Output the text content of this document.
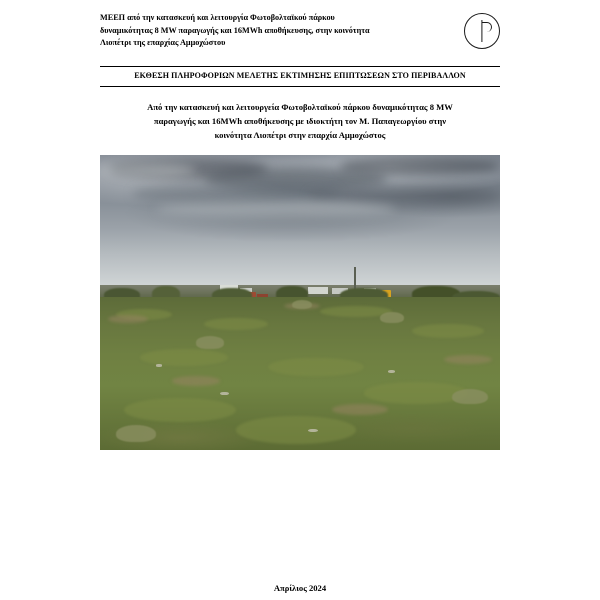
ΜΕΕΠ από την κατασκευή και λειτουργία Φωτοβολταϊκού πάρκου
δυναμικότητας 8 MW παραγωγής και 16MWh αποθήκευσης, στην κοινότητα
Λιοπέτρι της επαρχίας Αμμοχώστου
ΕΚΘΕΣΗ ΠΛΗΡΟΦΟΡΙΩΝ ΜΕΛΕΤΗΣ ΕΚΤΙΜΗΣΗΣ ΕΠΙΠΤΩΣΕΩΝ ΣΤΟ ΠΕΡΙΒΑΛΛΟΝ
Από την κατασκευή και λειτουργεία Φωτοβολταϊκού πάρκου δυναμικότητας 8 MW
παραγωγής και 16MWh αποθήκευσης με ιδιοκτήτη τον Μ. Παπαγεωργίου στην
κοινότητα Λιοπέτρι στην επαρχία Αμμοχώστος
Απρίλιος 2024
